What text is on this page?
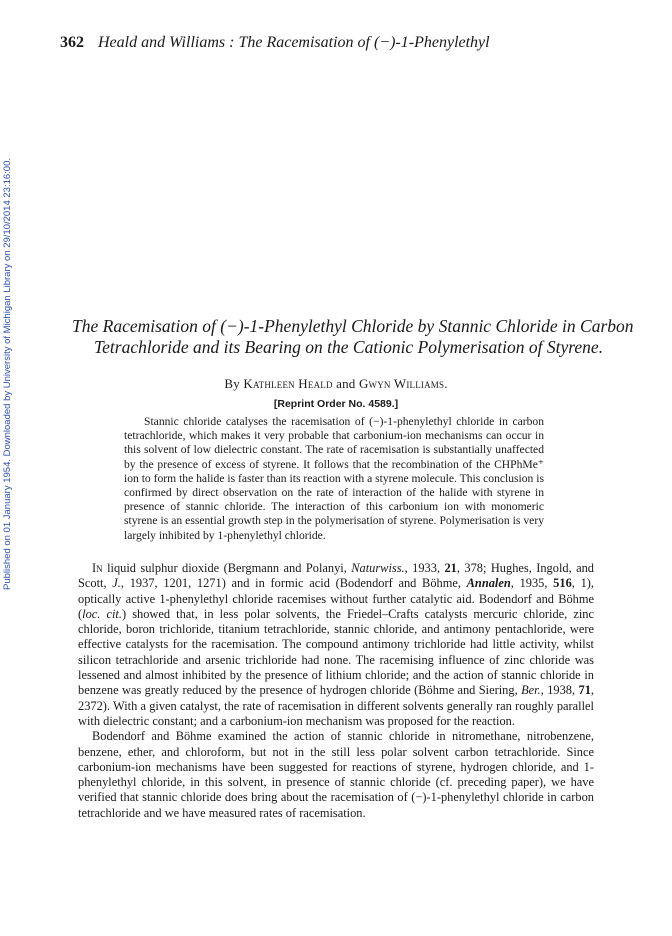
362 Heald and Williams : The Racemisation of (−)-1-Phenylethyl
Published on 01 January 1954. Downloaded by University of Michigan Library on 29/10/2014 23:16:00.	The Racemisation of (−)-1-Phenylethyl Chloride by Stannic Chloride in Carbon Tetrachloride and its Bearing on the Cationic Polymerisation of Styrene.
By Kathleen Heald and Gwyn Williams.
[Reprint Order No. 4589.]

Stannic chloride catalyses the racemisation of (−)-1-phenylethyl chloride in carbon tetrachloride, which makes it very probable that carbonium-ion mechanisms can occur in this solvent of low dielectric constant. The rate of racemisation is substantially unaffected by the presence of excess of styrene. It follows that the recombination of the CHPhMe⁺ ion to form the halide is faster than its reaction with a styrene molecule. This conclusion is confirmed by direct observation on the rate of interaction of the halide with styrene in presence of stannic chloride. The interaction of this carbonium ion with monomeric styrene is an essential growth step in the polymerisation of styrene. Polymerisation is very largely inhibited by 1-phenylethyl chloride.

In liquid sulphur dioxide (Bergmann and Polanyi, Naturwiss., 1933, 21, 378; Hughes, Ingold, and Scott, J., 1937, 1201, 1271) and in formic acid (Bodendorf and Böhme, Annalen, 1935, 516, 1), optically active 1-phenylethyl chloride racemises without further catalytic aid. Bodendorf and Böhme (loc. cit.) showed that, in less polar solvents, the Friedel–Crafts catalysts mercuric chloride, zinc chloride, boron trichloride, titanium tetrachloride, stannic chloride, and antimony pentachloride, were effective catalysts for the racemisation. The compound antimony trichloride had little activity, whilst silicon tetrachloride and arsenic trichloride had none. The racemising influence of zinc chloride was lessened and almost inhibited by the presence of lithium chloride; and the action of stannic chloride in benzene was greatly reduced by the presence of hydrogen chloride (Böhme and Siering, Ber., 1938, 71, 2372). With a given catalyst, the rate of racemisation in different solvents generally ran roughly parallel with dielectric constant; and a carbonium-ion mechanism was proposed for the reaction.

Bodendorf and Böhme examined the action of stannic chloride in nitromethane, nitrobenzene, benzene, ether, and chloroform, but not in the still less polar solvent carbon tetrachloride. Since carbonium-ion mechanisms have been suggested for reactions of styrene, hydrogen chloride, and 1-phenylethyl chloride, in this solvent, in presence of stannic chloride (cf. preceding paper), we have verified that stannic chloride does bring about the racemisation of (−)-1-phenylethyl chloride in carbon tetrachloride and we have measured rates of racemisation.
